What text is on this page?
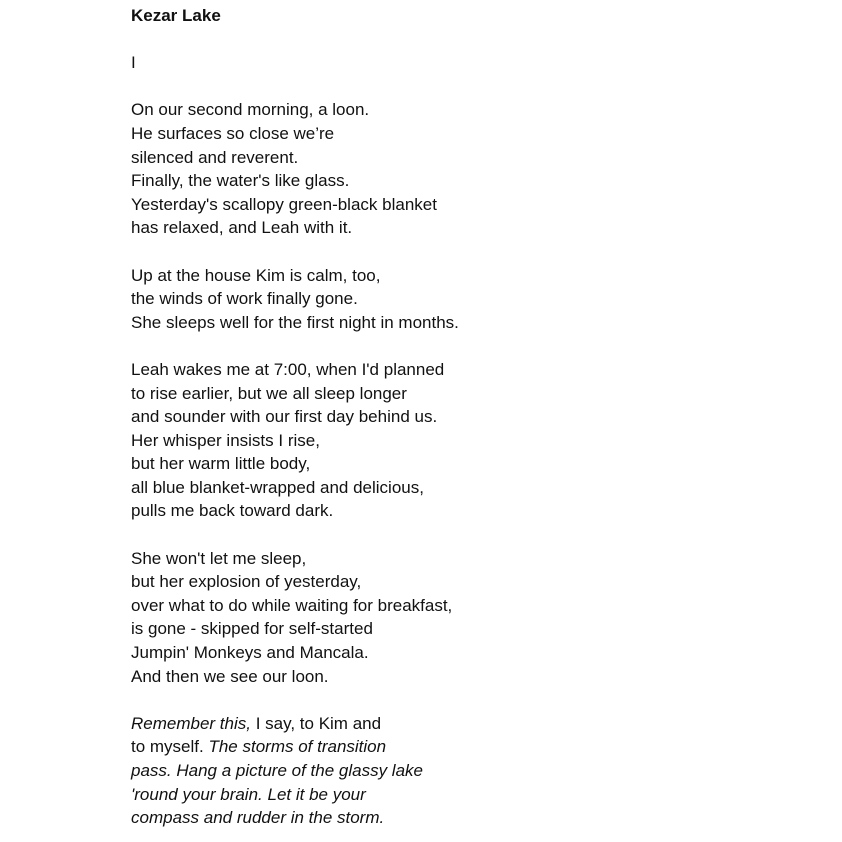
Kezar Lake
I
On our second morning, a loon.
He surfaces so close we’re
silenced and reverent.
Finally, the water's like glass.
Yesterday's scallopy green-black blanket
has relaxed, and Leah with it.
Up at the house Kim is calm, too,
the winds of work finally gone.
She sleeps well for the first night in months.
Leah wakes me at 7:00, when I'd planned
to rise earlier, but we all sleep longer
and sounder with our first day behind us.
Her whisper insists I rise,
but her warm little body,
all blue blanket-wrapped and delicious,
pulls me back toward dark.
She won't let me sleep,
but her explosion of yesterday,
over what to do while waiting for breakfast,
is gone - skipped for self-started
Jumpin' Monkeys and Mancala.
And then we see our loon.
Remember this, I say, to Kim and
to myself. The storms of transition
pass. Hang a picture of the glassy lake
'round your brain. Let it be your
compass and rudder in the storm.
